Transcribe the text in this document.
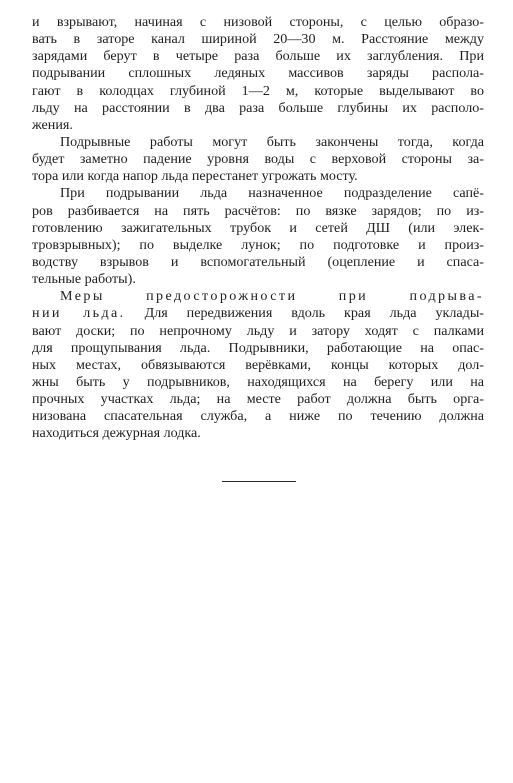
и взрывают, начиная с низовой стороны, с целью образо-
вать в заторе канал шириной 20—30 м. Расстояние между
зарядами берут в четыре раза больше их заглубления. При
подрывании сплошных ледяных массивов заряды распола-
гают в колодцах глубиной 1—2 м, которые выделывают во
льду на расстоянии в два раза больше глубины их располо-
жения.
Подрывные работы могут быть закончены тогда, когда
будет заметно падение уровня воды с верховой стороны за-
тора или когда напор льда перестанет угрожать мосту.
При подрывании льда назначенное подразделение сапё-
ров разбивается на пять расчётов: по вязке зарядов; по из-
готовлению зажигательных трубок и сетей ДШ (или элек-
тровзрывных); по выделке лунок; по подготовке и произ-
водству взрывов и вспомогательный (оцепление и спаса-
тельные работы).
Меры предосторожности при подрыва-
нии льда. Для передвижения вдоль края льда уклады-
вают доски; по непрочному льду и затору ходят с палками
для прощупывания льда. Подрывники, работающие на опас-
ных местах, обвязываются верёвками, концы которых дол-
жны быть у подрывников, находящихся на берегу или на
прочных участках льда; на месте работ должна быть орга-
низована спасательная служба, а ниже по течению должна
находиться дежурная лодка.
